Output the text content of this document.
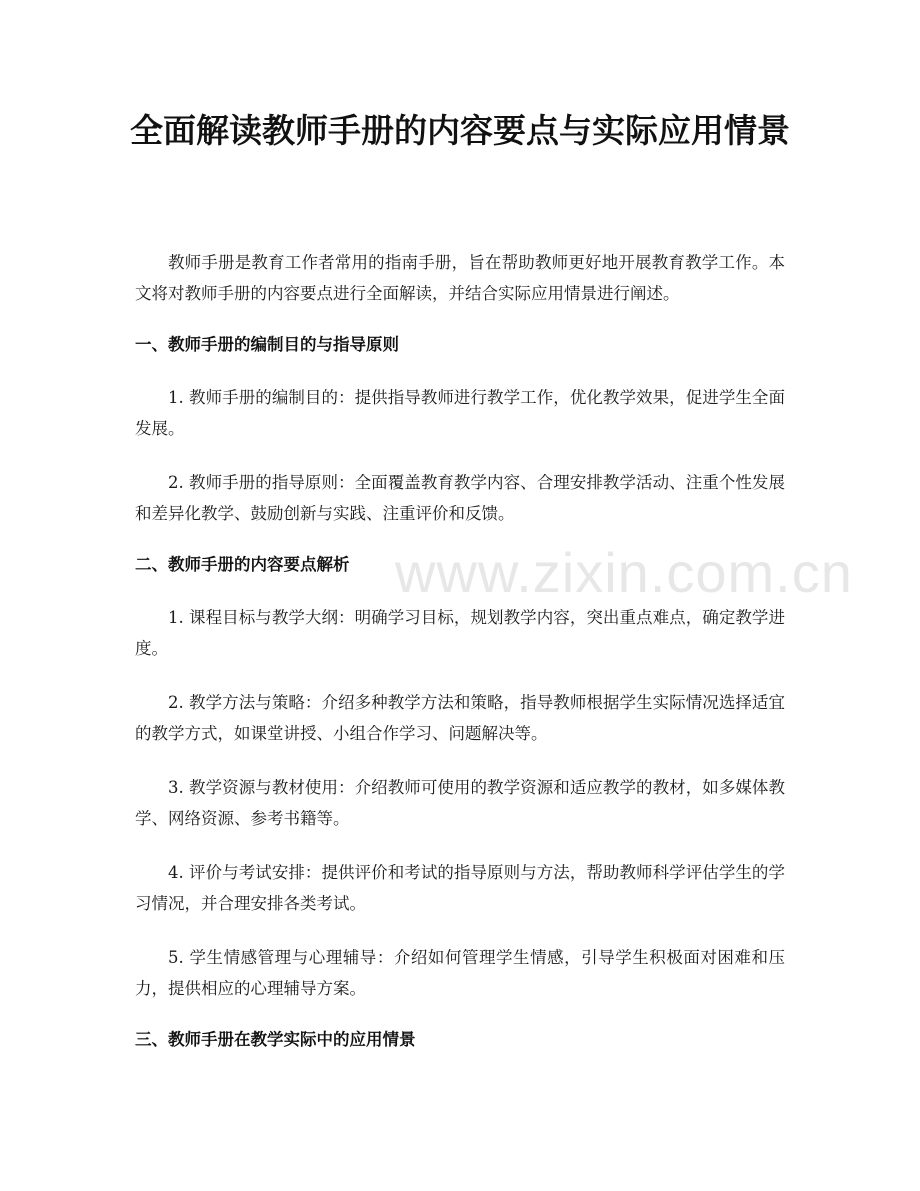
全面解读教师手册的内容要点与实际应用情景

教师手册是教育工作者常用的指南手册，旨在帮助教师更好地开展教育教学工作。本文将对教师手册的内容要点进行全面解读，并结合实际应用情景进行阐述。

一、教师手册的编制目的与指导原则

1. 教师手册的编制目的：提供指导教师进行教学工作，优化教学效果，促进学生全面发展。

2. 教师手册的指导原则：全面覆盖教育教学内容、合理安排教学活动、注重个性发展和差异化教学、鼓励创新与实践、注重评价和反馈。

二、教师手册的内容要点解析

1. 课程目标与教学大纲：明确学习目标，规划教学内容，突出重点难点，确定教学进度。

2. 教学方法与策略：介绍多种教学方法和策略，指导教师根据学生实际情况选择适宜的教学方式，如课堂讲授、小组合作学习、问题解决等。

3. 教学资源与教材使用：介绍教师可使用的教学资源和适应教学的教材，如多媒体教学、网络资源、参考书籍等。

4. 评价与考试安排：提供评价和考试的指导原则与方法，帮助教师科学评估学生的学习情况，并合理安排各类考试。

5. 学生情感管理与心理辅导：介绍如何管理学生情感，引导学生积极面对困难和压力，提供相应的心理辅导方案。

三、教师手册在教学实际中的应用情景
www.zixin.com.cn
